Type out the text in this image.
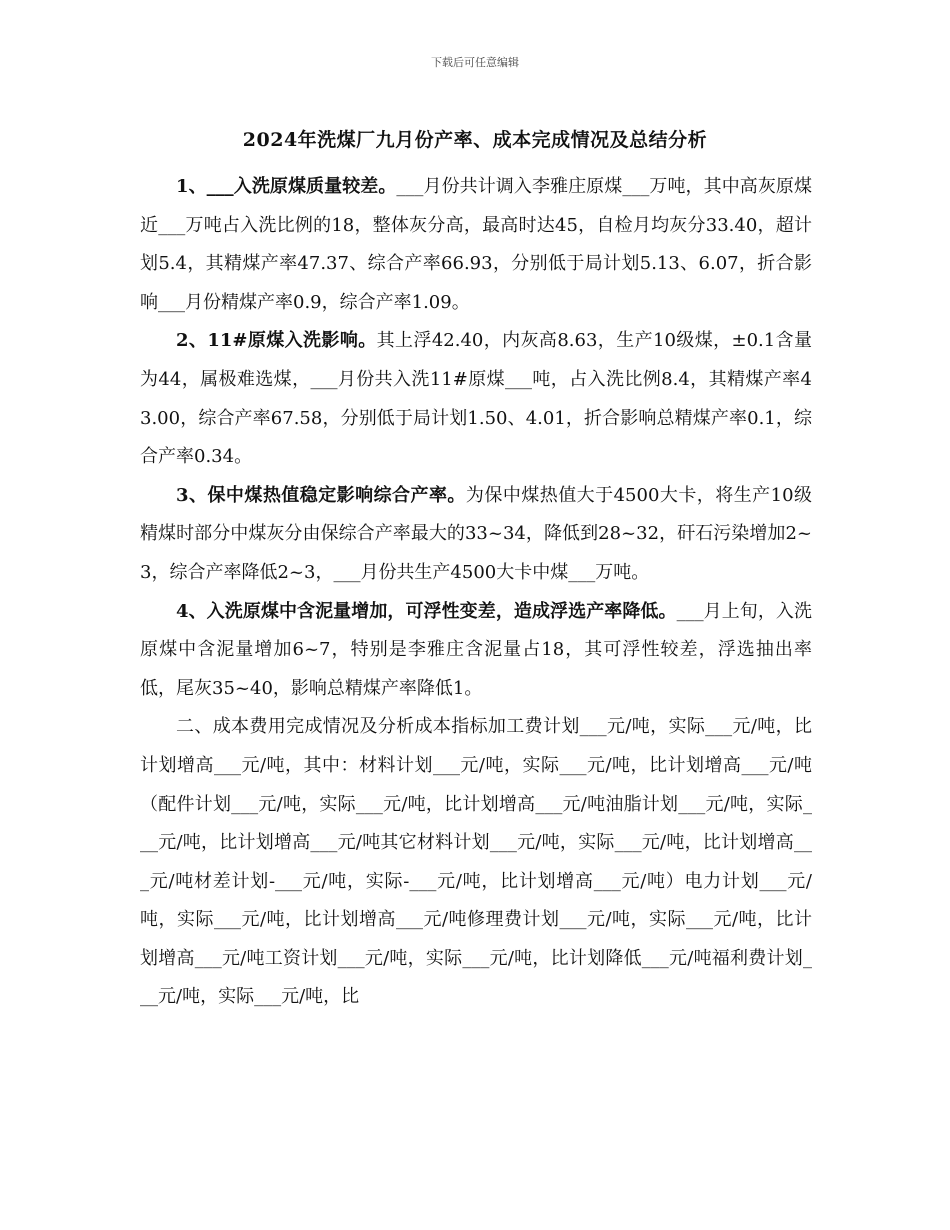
下载后可任意编辑
2024年洗煤厂九月份产率、成本完成情况及总结分析

1、___入洗原煤质量较差。___月份共计调入李雅庄原煤___万吨，其中高灰原煤近___万吨占入洗比例的18，整体灰分高，最高时达45，自检月均灰分33.40，超计划5.4，其精煤产率47.37、综合产率66.93，分别低于局计划5.13、6.07，折合影响___月份精煤产率0.9，综合产率1.09。

2、11#原煤入洗影响。其上浮42.40，内灰高8.63，生产10级煤，±0.1含量为44，属极难选煤，___月份共入洗11#原煤___吨，占入洗比例8.4，其精煤产率43.00，综合产率67.58，分别低于局计划1.50、4.01，折合影响总精煤产率0.1，综合产率0.34。

3、保中煤热值稳定影响综合产率。为保中煤热值大于4500大卡，将生产10级精煤时部分中煤灰分由保综合产率最大的33~34，降低到28~32，矸石污染增加2~3，综合产率降低2~3，___月份共生产4500大卡中煤___万吨。

4、入洗原煤中含泥量增加，可浮性变差，造成浮选产率降低。___月上旬，入洗原煤中含泥量增加6~7，特别是李雅庄含泥量占18，其可浮性较差，浮选抽出率低，尾灰35~40，影响总精煤产率降低1。

二、成本费用完成情况及分析成本指标加工费计划___元/吨，实际___元/吨，比计划增高___元/吨，其中：材料计划___元/吨，实际___元/吨，比计划增高___元/吨（配件计划___元/吨，实际___元/吨，比计划增高___元/吨油脂计划___元/吨，实际___元/吨，比计划增高___元/吨其它材料计划___元/吨，实际___元/吨，比计划增高___元/吨材差计划-___元/吨，实际-___元/吨，比计划增高___元/吨）电力计划___元/吨，实际___元/吨，比计划增高___元/吨修理费计划___元/吨，实际___元/吨，比计划增高___元/吨工资计划___元/吨，实际___元/吨，比计划降低___元/吨福利费计划___元/吨，实际___元/吨，比
